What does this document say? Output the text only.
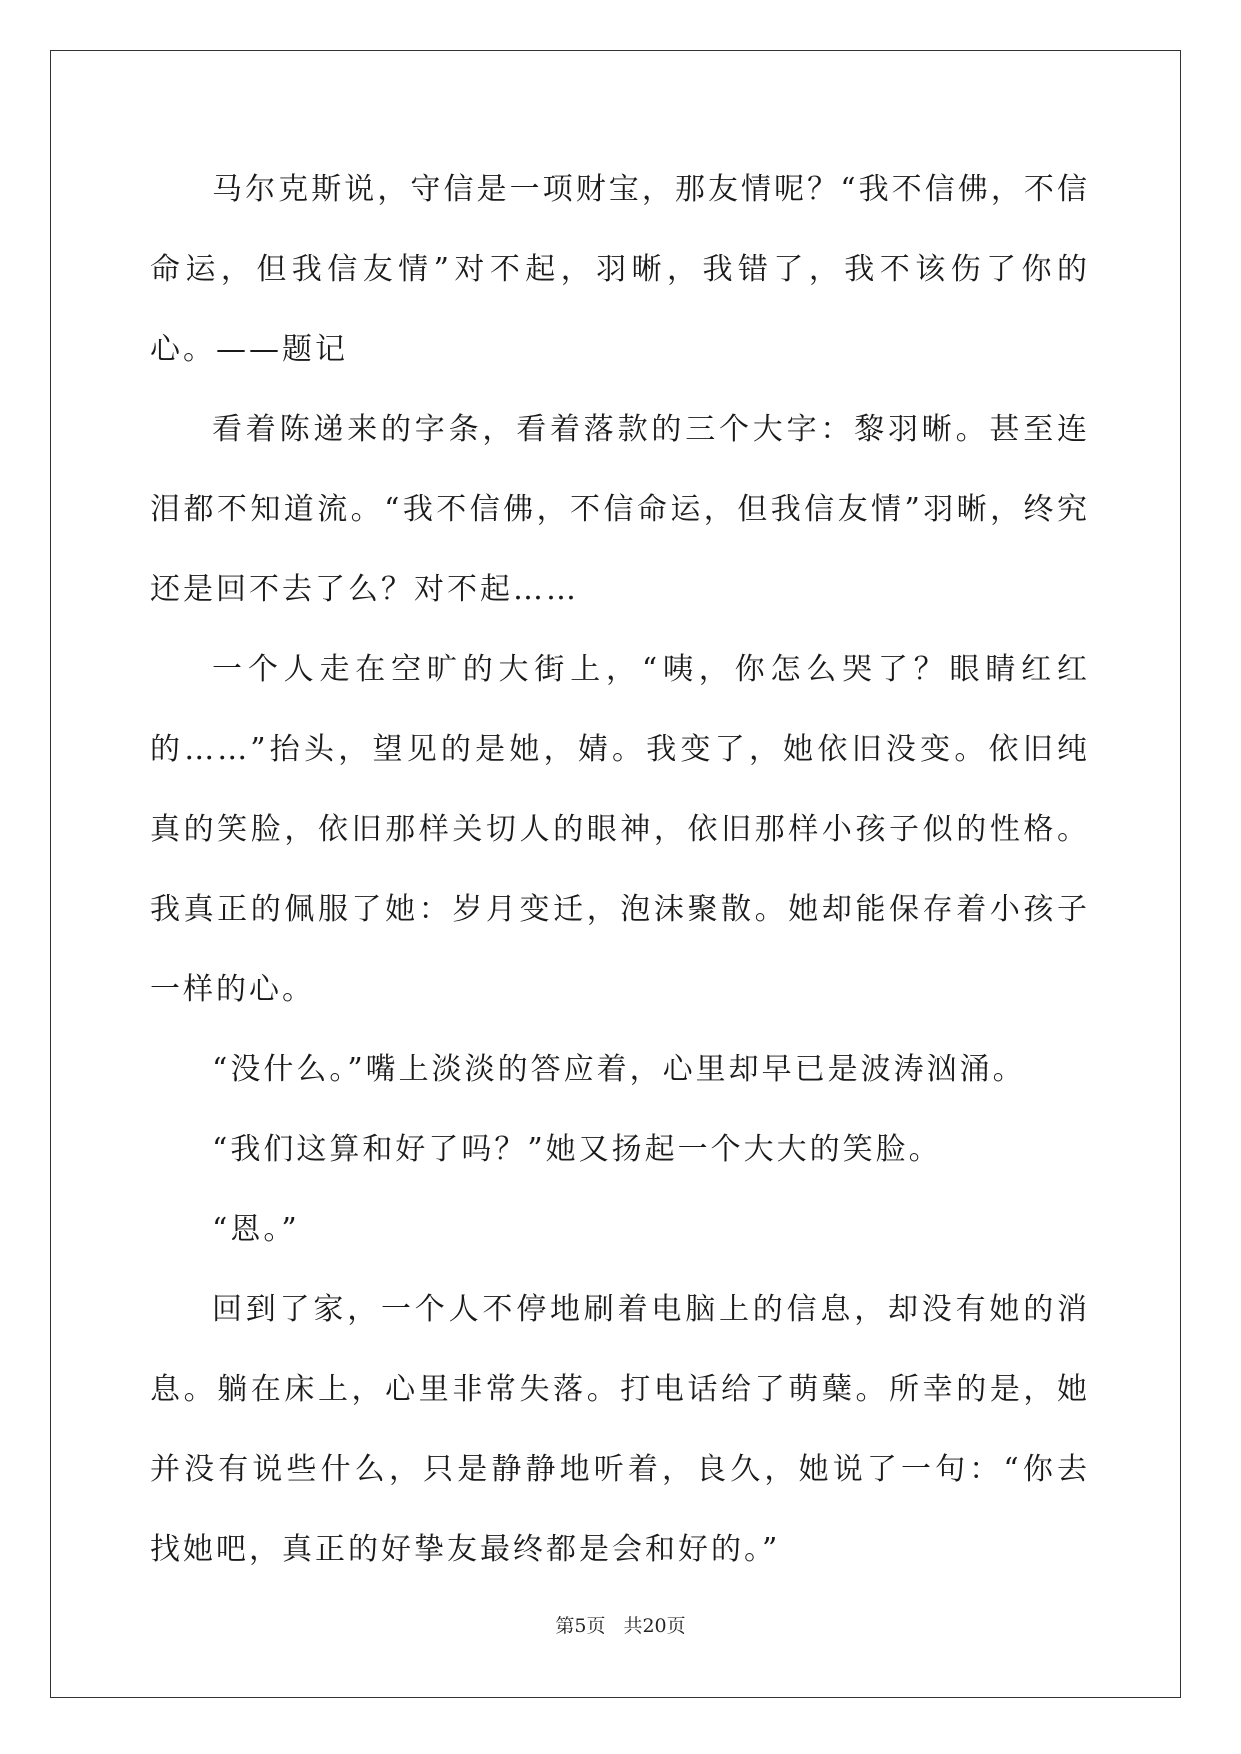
马尔克斯说，守信是一项财宝，那友情呢？“我不信佛，不信命运，但我信友情”对不起，羽晰，我错了，我不该伤了你的心。——题记

看着陈递来的字条，看着落款的三个大字：黎羽晰。甚至连泪都不知道流。“我不信佛，不信命运，但我信友情”羽晰，终究还是回不去了么？对不起……

一个人走在空旷的大街上，“咦，你怎么哭了？眼睛红红的……”抬头，望见的是她，婧。我变了，她依旧没变。依旧纯真的笑脸，依旧那样关切人的眼神，依旧那样小孩子似的性格。我真正的佩服了她：岁月变迁，泡沫聚散。她却能保存着小孩子一样的心。

“没什么。”嘴上淡淡的答应着，心里却早已是波涛汹涌。

“我们这算和好了吗？”她又扬起一个大大的笑脸。

“恩。”

回到了家，一个人不停地刷着电脑上的信息，却没有她的消息。躺在床上，心里非常失落。打电话给了萌蘖。所幸的是，她并没有说些什么，只是静静地听着，良久，她说了一句：“你去找她吧，真正的好挚友最终都是会和好的。”

第5页 共20页
